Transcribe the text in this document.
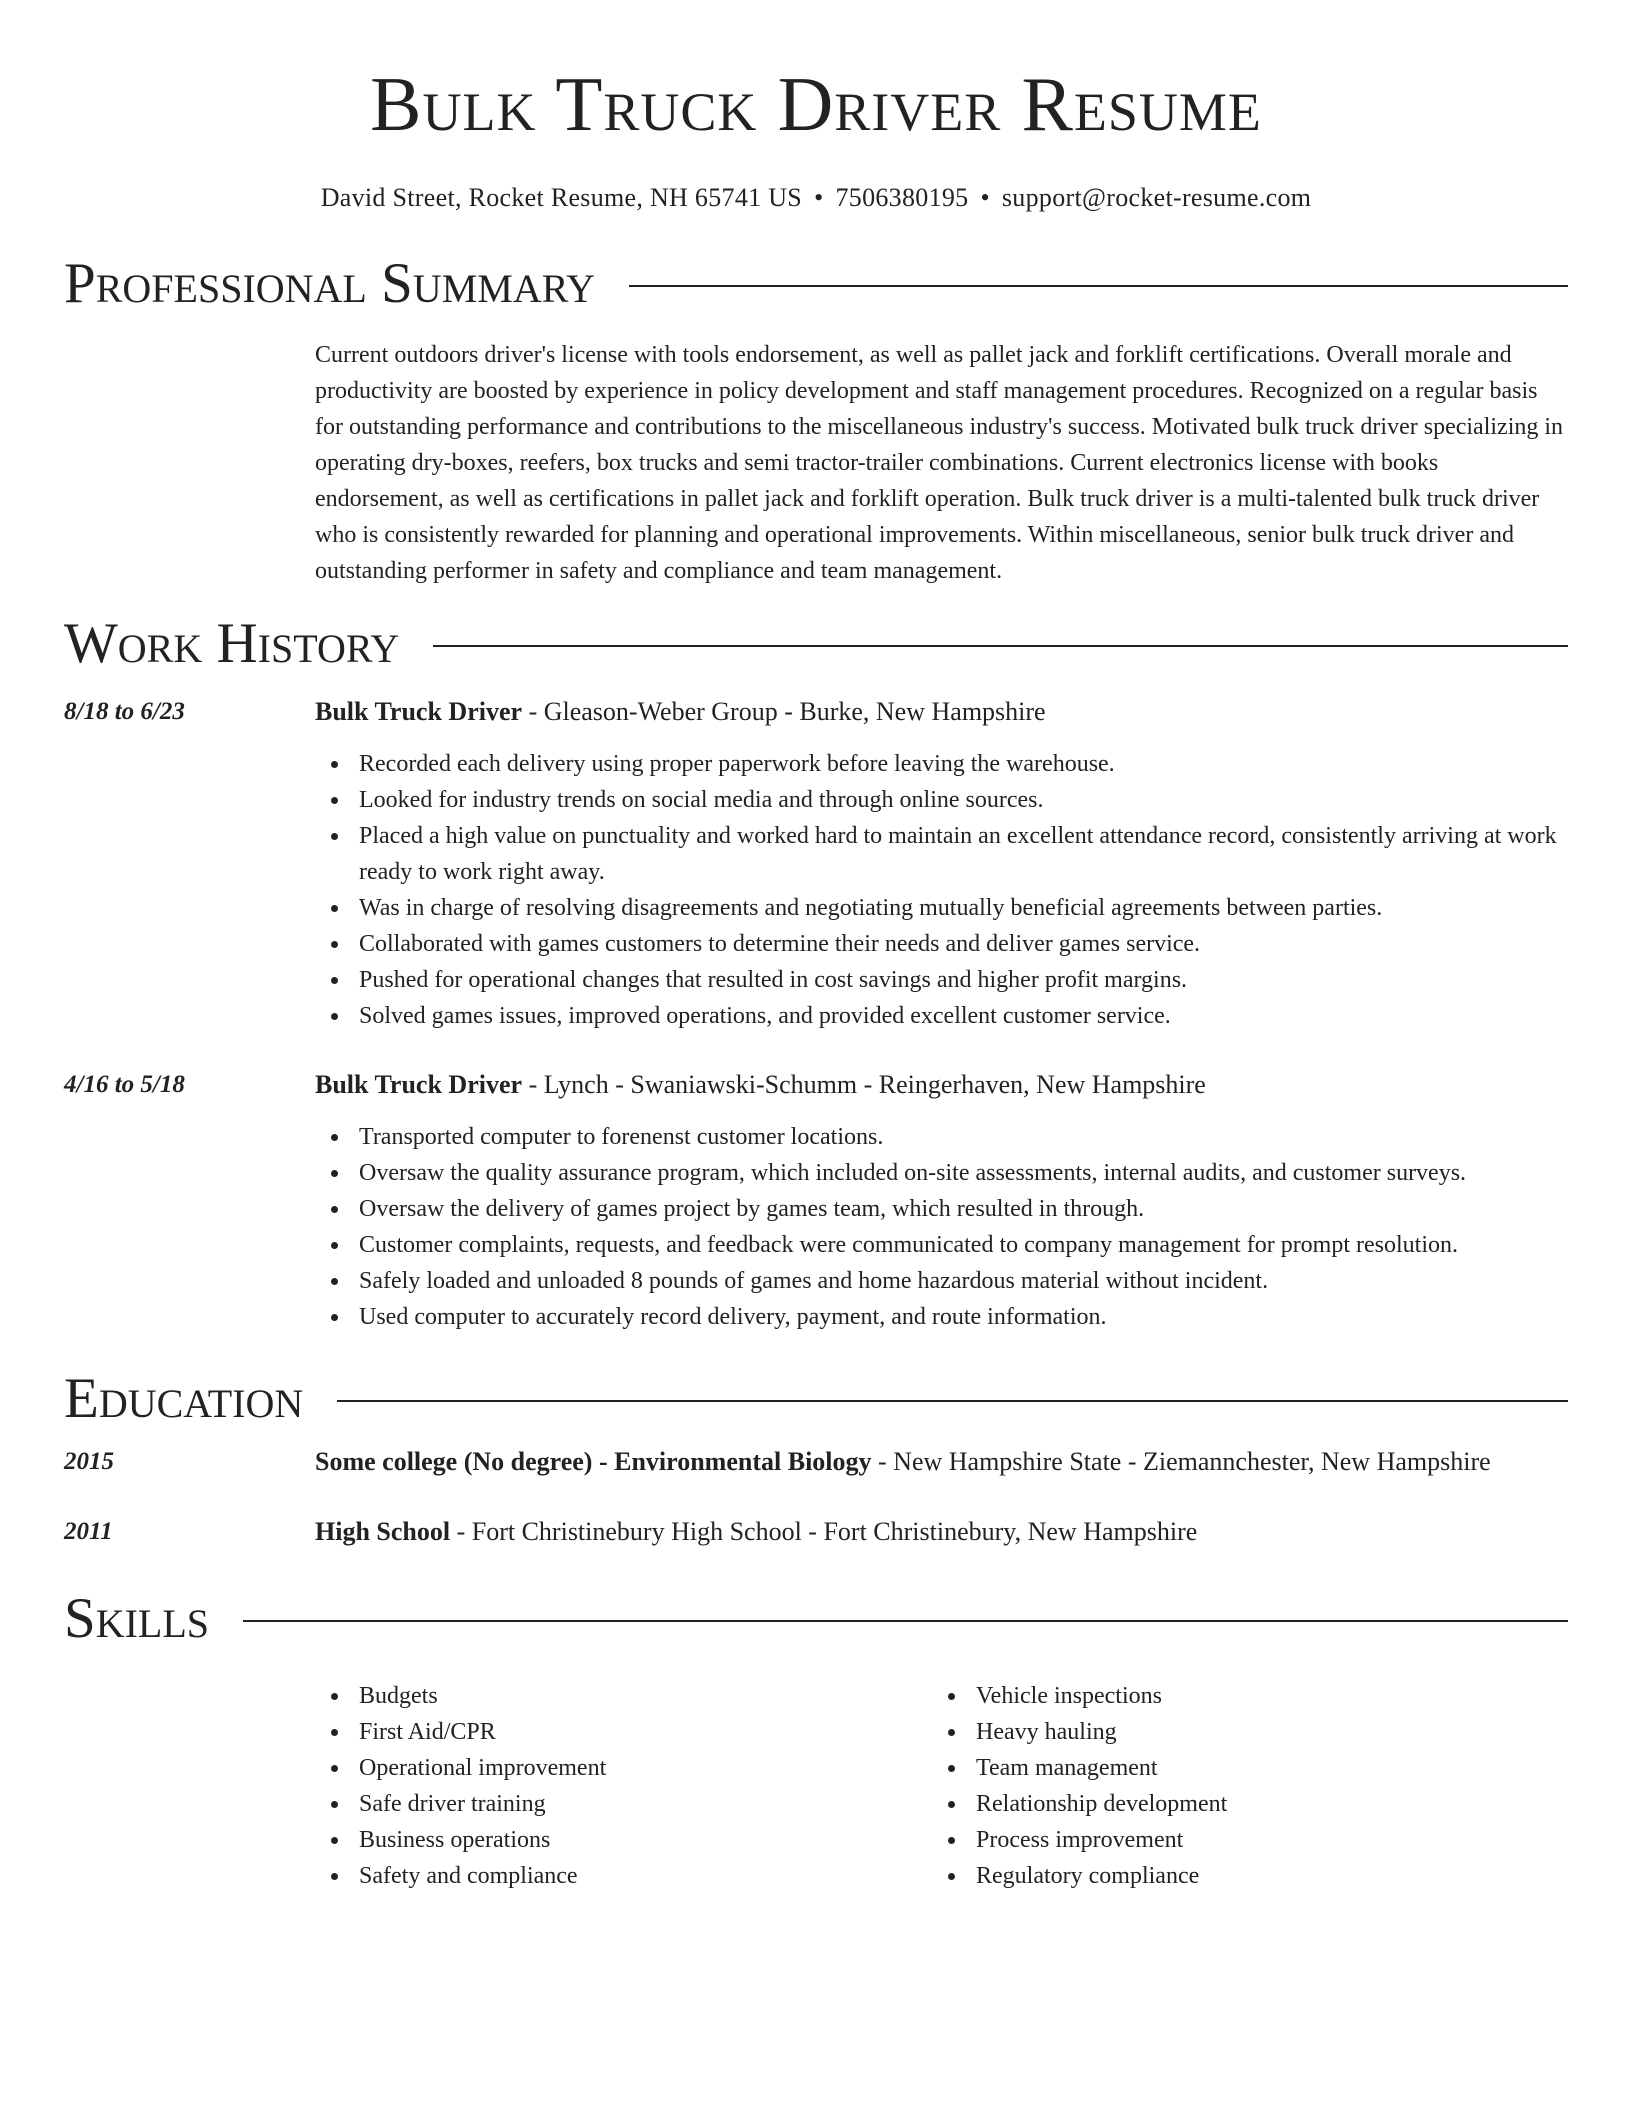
Bulk Truck Driver Resume
David Street, Rocket Resume, NH 65741 US • 7506380195 • support@rocket-resume.com
Professional Summary

Current outdoors driver's license with tools endorsement, as well as pallet jack and forklift certifications. Overall morale and productivity are boosted by experience in policy development and staff management procedures. Recognized on a regular basis for outstanding performance and contributions to the miscellaneous industry's success. Motivated bulk truck driver specializing in operating dry-boxes, reefers, box trucks and semi tractor-trailer combinations. Current electronics license with books endorsement, as well as certifications in pallet jack and forklift operation. Bulk truck driver is a multi-talented bulk truck driver who is consistently rewarded for planning and operational improvements. Within miscellaneous, senior bulk truck driver and outstanding performer in safety and compliance and team management.

Work History
8/18 to 6/23	Bulk Truck Driver - Gleason-Weber Group - Burke, New Hampshire
Recorded each delivery using proper paperwork before leaving the warehouse.
Looked for industry trends on social media and through online sources.
Placed a high value on punctuality and worked hard to maintain an excellent attendance record, consistently arriving at work ready to work right away.
Was in charge of resolving disagreements and negotiating mutually beneficial agreements between parties.
Collaborated with games customers to determine their needs and deliver games service.
Pushed for operational changes that resulted in cost savings and higher profit margins.
Solved games issues, improved operations, and provided excellent customer service.
4/16 to 5/18	Bulk Truck Driver - Lynch - Swaniawski-Schumm - Reingerhaven, New Hampshire
Transported computer to forenenst customer locations.
Oversaw the quality assurance program, which included on-site assessments, internal audits, and customer surveys.
Oversaw the delivery of games project by games team, which resulted in through.
Customer complaints, requests, and feedback were communicated to company management for prompt resolution.
Safely loaded and unloaded 8 pounds of games and home hazardous material without incident.
Used computer to accurately record delivery, payment, and route information.
Education
2015	Some college (No degree) - Environmental Biology - New Hampshire State - Ziemannchester, New Hampshire
2011	High School - Fort Christinebury High School - Fort Christinebury, New Hampshire
Skills
Budgets
First Aid/CPR
Operational improvement
Safe driver training
Business operations
Safety and compliance
Vehicle inspections
Heavy hauling
Team management
Relationship development
Process improvement
Regulatory compliance
